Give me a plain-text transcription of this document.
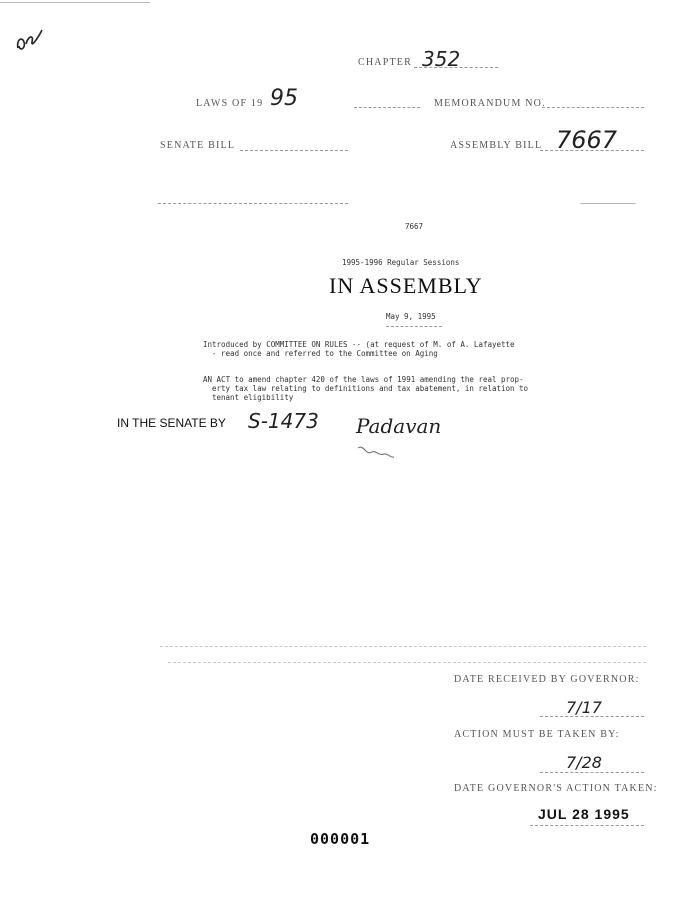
CHAPTER 352
LAWS OF 19 95	MEMORANDUM NO.
SENATE BILL	ASSEMBLY BILL 7667
7667
1995-1996 Regular Sessions
IN ASSEMBLY
May 9, 1995
Introduced by COMMITTEE ON RULES -- (at request of M. of A. Lafayette
- read once and referred to the Committee on Aging
AN ACT to amend chapter 420 of the laws of 1991 amending the real prop-
erty tax law relating to definitions and tax abatement, in relation to
tenant eligibility
IN THE SENATE BY S-1473 Padavan
DATE RECEIVED BY GOVERNOR:
7/17
ACTION MUST BE TAKEN BY:
7/28
DATE GOVERNOR'S ACTION TAKEN:
JUL 28 1995
000001
